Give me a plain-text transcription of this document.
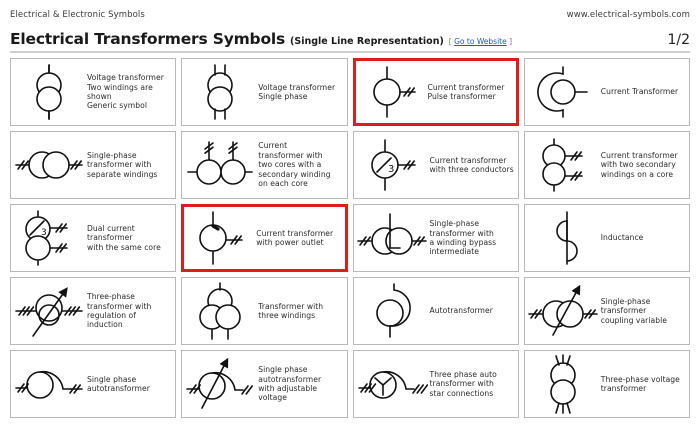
Electrical & Electronic Symbols	www.electrical-symbols.com
Electrical Transformers Symbols (Single Line Representation) [ Go to Website ]	1/2
Voltage transformer
Two windings are shown
Generic symbol
Voltage transformer
Single phase
Current transformer
Pulse transformer
Current Transformer
Single-phase
transformer with
separate windings
Current
transformer with
two cores with a
secondary winding
on each core
3
Current transformer
with three conductors
Current transformer
with two secondary
windings on a core
3	Dual current transformer
with the same core
Current transformer
with power outlet
Single-phase
transformer with
a winding bypass
intermediate
Inductance
Three-phase
transformer with
regulation of
induction
Transformer with
three windings
Autotransformer
Single-phase
transformer
coupling variable
Single phase
autotransformer
Single phase
autotransformer
with adjustable
voltage
Three phase auto
transformer with
star connections
Three-phase voltage
transformer
